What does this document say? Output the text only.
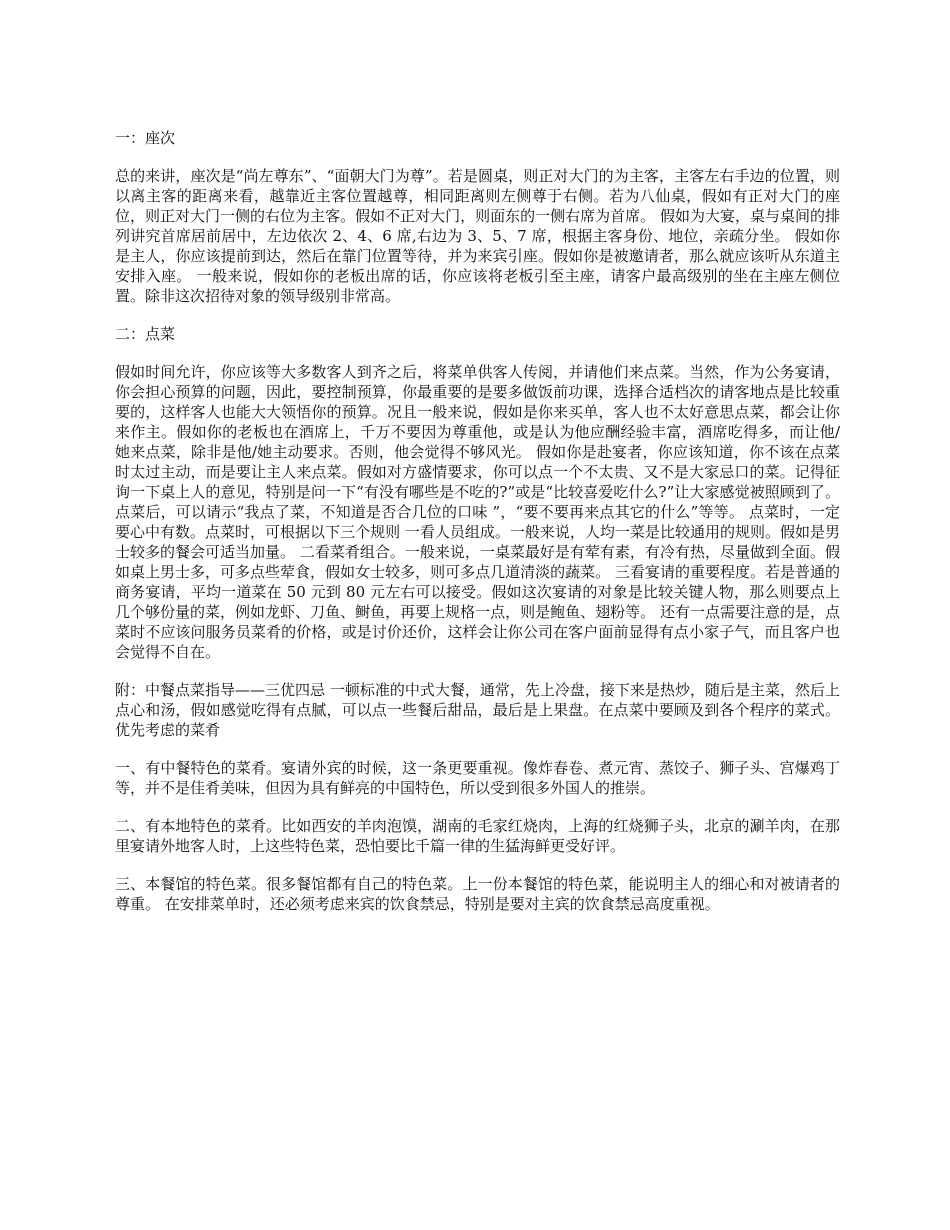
一：座次
总的来讲，座次是“尚左尊东”、“面朝大门为尊”。若是圆桌，则正对大门的为主客，主客左右手边的位置，则以离主客的距离来看，越靠近主客位置越尊，相同距离则左侧尊于右侧。若为八仙桌，假如有正对大门的座位，则正对大门一侧的右位为主客。假如不正对大门，则面东的一侧右席为首席。 假如为大宴，桌与桌间的排列讲究首席居前居中，左边依次 2、4、6 席,右边为 3、5、7 席，根据主客身份、地位，亲疏分坐。 假如你是主人，你应该提前到达，然后在靠门位置等待，并为来宾引座。假如你是被邀请者，那么就应该听从东道主安排入座。 一般来说，假如你的老板出席的话，你应该将老板引至主座，请客户最高级别的坐在主座左侧位置。除非这次招待对象的领导级别非常高。
二：点菜
假如时间允许，你应该等大多数客人到齐之后，将菜单供客人传阅，并请他们来点菜。当然，作为公务宴请，你会担心预算的问题，因此，要控制预算，你最重要的是要多做饭前功课，选择合适档次的请客地点是比较重要的，这样客人也能大大领悟你的预算。况且一般来说，假如是你来买单，客人也不太好意思点菜，都会让你来作主。假如你的老板也在酒席上，千万不要因为尊重他，或是认为他应酬经验丰富，酒席吃得多，而让他/她来点菜，除非是他/她主动要求。否则，他会觉得不够风光。 假如你是赴宴者，你应该知道，你不该在点菜时太过主动，而是要让主人来点菜。假如对方盛情要求，你可以点一个不太贵、又不是大家忌口的菜。记得征询一下桌上人的意见，特别是问一下“有没有哪些是不吃的?”或是“比较喜爱吃什么?”让大家感觉被照顾到了。点菜后，可以请示“我点了菜，不知道是否合几位的口味 ”，“要不要再来点其它的什么”等等。 点菜时，一定要心中有数。点菜时，可根据以下三个规则 一看人员组成。一般来说，人均一菜是比较通用的规则。假如是男士较多的餐会可适当加量。 二看菜肴组合。一般来说，一桌菜最好是有荤有素，有冷有热，尽量做到全面。假如桌上男士多，可多点些荤食，假如女士较多，则可多点几道清淡的蔬菜。 三看宴请的重要程度。若是普通的商务宴请，平均一道菜在 50 元到 80 元左右可以接受。假如这次宴请的对象是比较关键人物，那么则要点上几个够份量的菜，例如龙虾、刀鱼、鲥鱼，再要上规格一点，则是鲍鱼、翅粉等。 还有一点需要注意的是，点菜时不应该问服务员菜肴的价格，或是讨价还价，这样会让你公司在客户面前显得有点小家子气，而且客户也会觉得不自在。
附：中餐点菜指导——三优四忌 一顿标准的中式大餐，通常，先上冷盘，接下来是热炒，随后是主菜，然后上点心和汤，假如感觉吃得有点腻，可以点一些餐后甜品，最后是上果盘。在点菜中要顾及到各个程序的菜式。 优先考虑的菜肴
一、有中餐特色的菜肴。宴请外宾的时候，这一条更要重视。像炸春卷、煮元宵、蒸饺子、狮子头、宫爆鸡丁等，并不是佳肴美味，但因为具有鲜亮的中国特色，所以受到很多外国人的推崇。
二、有本地特色的菜肴。比如西安的羊肉泡馍，湖南的毛家红烧肉，上海的红烧狮子头，北京的涮羊肉，在那里宴请外地客人时，上这些特色菜，恐怕要比千篇一律的生猛海鲜更受好评。
三、本餐馆的特色菜。很多餐馆都有自己的特色菜。上一份本餐馆的特色菜，能说明主人的细心和对被请者的尊重。 在安排菜单时，还必须考虑来宾的饮食禁忌，特别是要对主宾的饮食禁忌高度重视。
